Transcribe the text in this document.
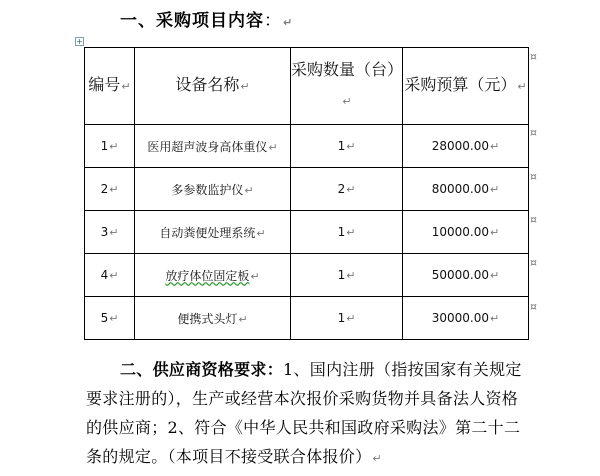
一、采购项目内容：↵
+
编号↵	设备名称↵	采购数量（台）↵	采购预算（元）↵
1↵	医用超声波身高体重仪↵	1↵	28000.00↵
2↵	多参数监护仪↵	2↵	80000.00↵
3↵	自动粪便处理系统↵	1↵	10000.00↵
4↵	放疗体位固定板↵	1↵	50000.00↵
5↵	便携式头灯↵	1↵	30000.00↵
¤
¤
¤
¤
¤
¤
二、供应商资格要求：1、国内注册（指按国家有关规定要求注册的），生产或经营本次报价采购货物并具备法人资格的供应商；2、符合《中华人民共和国政府采购法》第二十二条的规定。（本项目不接受联合体报价）↵
